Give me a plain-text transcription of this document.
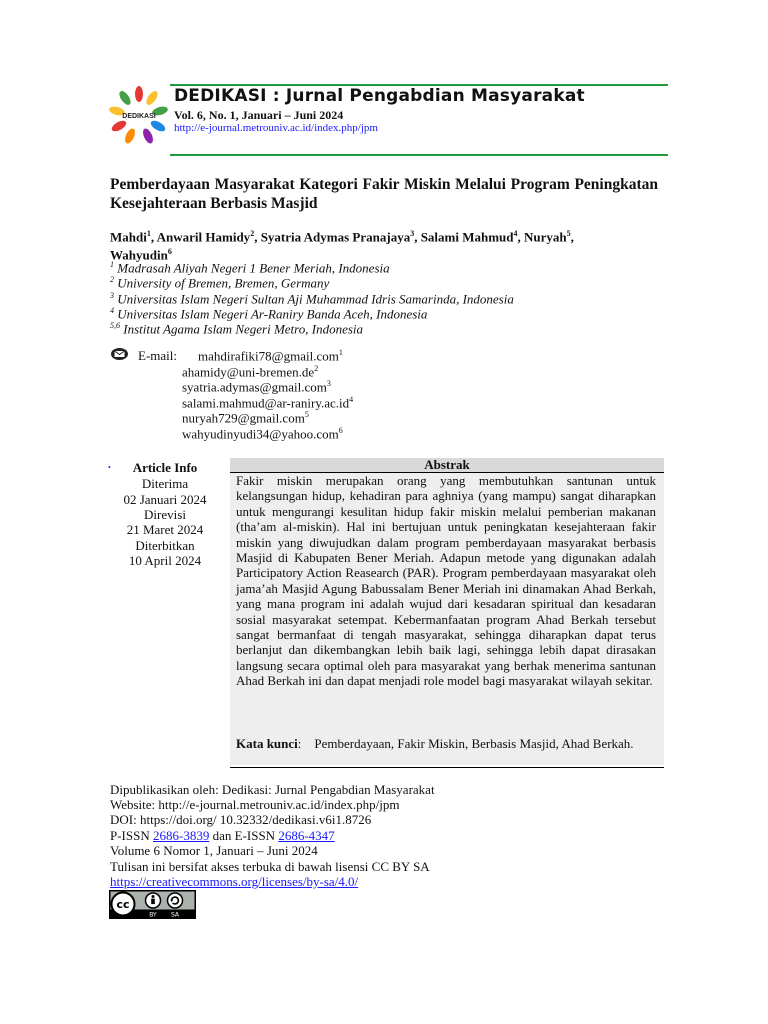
DEDIKASI
DEDIKASI : Jurnal Pengabdian Masyarakat
Vol. 6, No. 1, Januari – Juni 2024
http://e-journal.metrouniv.ac.id/index.php/jpm
Pemberdayaan Masyarakat Kategori Fakir Miskin Melalui Program Peningkatan Kesejahteraan Berbasis Masjid
Mahdi$^1$, Anwaril Hamidy$^2$, Syatria Adymas Pranajaya$^3$, Salami Mahmud$^4$, Nuryah$^5$,
Wahyudin$^6$
$^1$ Madrasah Aliyah Negeri 1 Bener Meriah, Indonesia
$^2$ University of Bremen, Bremen, Germany
$^3$ Universitas Islam Negeri Sultan Aji Muhammad Idris Samarinda, Indonesia
$^4$ Universitas Islam Negeri Ar-Raniry Banda Aceh, Indonesia
$^{5,6}$ Institut Agama Islam Negeri Metro, Indonesia
E-mail: mahdirafiki78@gmail.com$^1$
$ahamidy@uni-bremen.de^2$
syatria.adymas@gmail.com$^3$
$salami.mahmud@ar-raniry.ac.id^4$
nuryah729@gmail.com$^5$
wahyudinyudi34@yahoo.com$^6$
•	Article Info
Diterima
02 Januari 2024
Direvisi
21 Maret 2024
Diterbitkan
10 April 2024
Abstrak
Fakir miskin merupakan orang yang membutuhkan santunan untuk kelangsungan hidup, kehadiran para aghniya (yang mampu) sangat diharapkan untuk mengurangi kesulitan hidup fakir miskin melalui pemberian makanan (tha’am al-miskin). Hal ini bertujuan untuk peningkatan kesejahteraan fakir miskin yang diwujudkan dalam program pemberdayaan masyarakat berbasis Masjid di Kabupaten Bener Meriah. Adapun metode yang digunakan adalah Participatory Action Reasearch (PAR). Program pemberdayaan masyarakat oleh jama’ah Masjid Agung Babussalam Bener Meriah ini dinamakan Ahad Berkah, yang mana program ini adalah wujud dari kesadaran spiritual dan kesadaran sosial masyarakat setempat. Kebermanfaatan program Ahad Berkah tersebut sangat bermanfaat di tengah masyarakat, sehingga diharapkan dapat terus berlanjut dan dikembangkan lebih baik lagi, sehingga lebih dapat dirasakan langsung secara optimal oleh para masyarakat yang berhak menerima santunan Ahad Berkah ini dan dapat menjadi role model bagi masyarakat wilayah sekitar.
Kata kunci:    Pemberdayaan, Fakir Miskin, Berbasis Masjid, Ahad Berkah.
Dipublikasikan oleh: Dedikasi: Jurnal Pengabdian Masyarakat
Website: http://e-journal.metrouniv.ac.id/index.php/jpm
DOI: https://doi.org/ 10.32332/dedikasi.v6i1.8726
P-ISSN 2686-3839 dan E-ISSN 2686-4347
Volume 6 Nomor 1, Januari – Juni 2024
Tulisan ini bersifat akses terbuka di bawah lisensi CC BY SA
https://creativecommons.org/licenses/by-sa/4.0/
cc
BY SA
